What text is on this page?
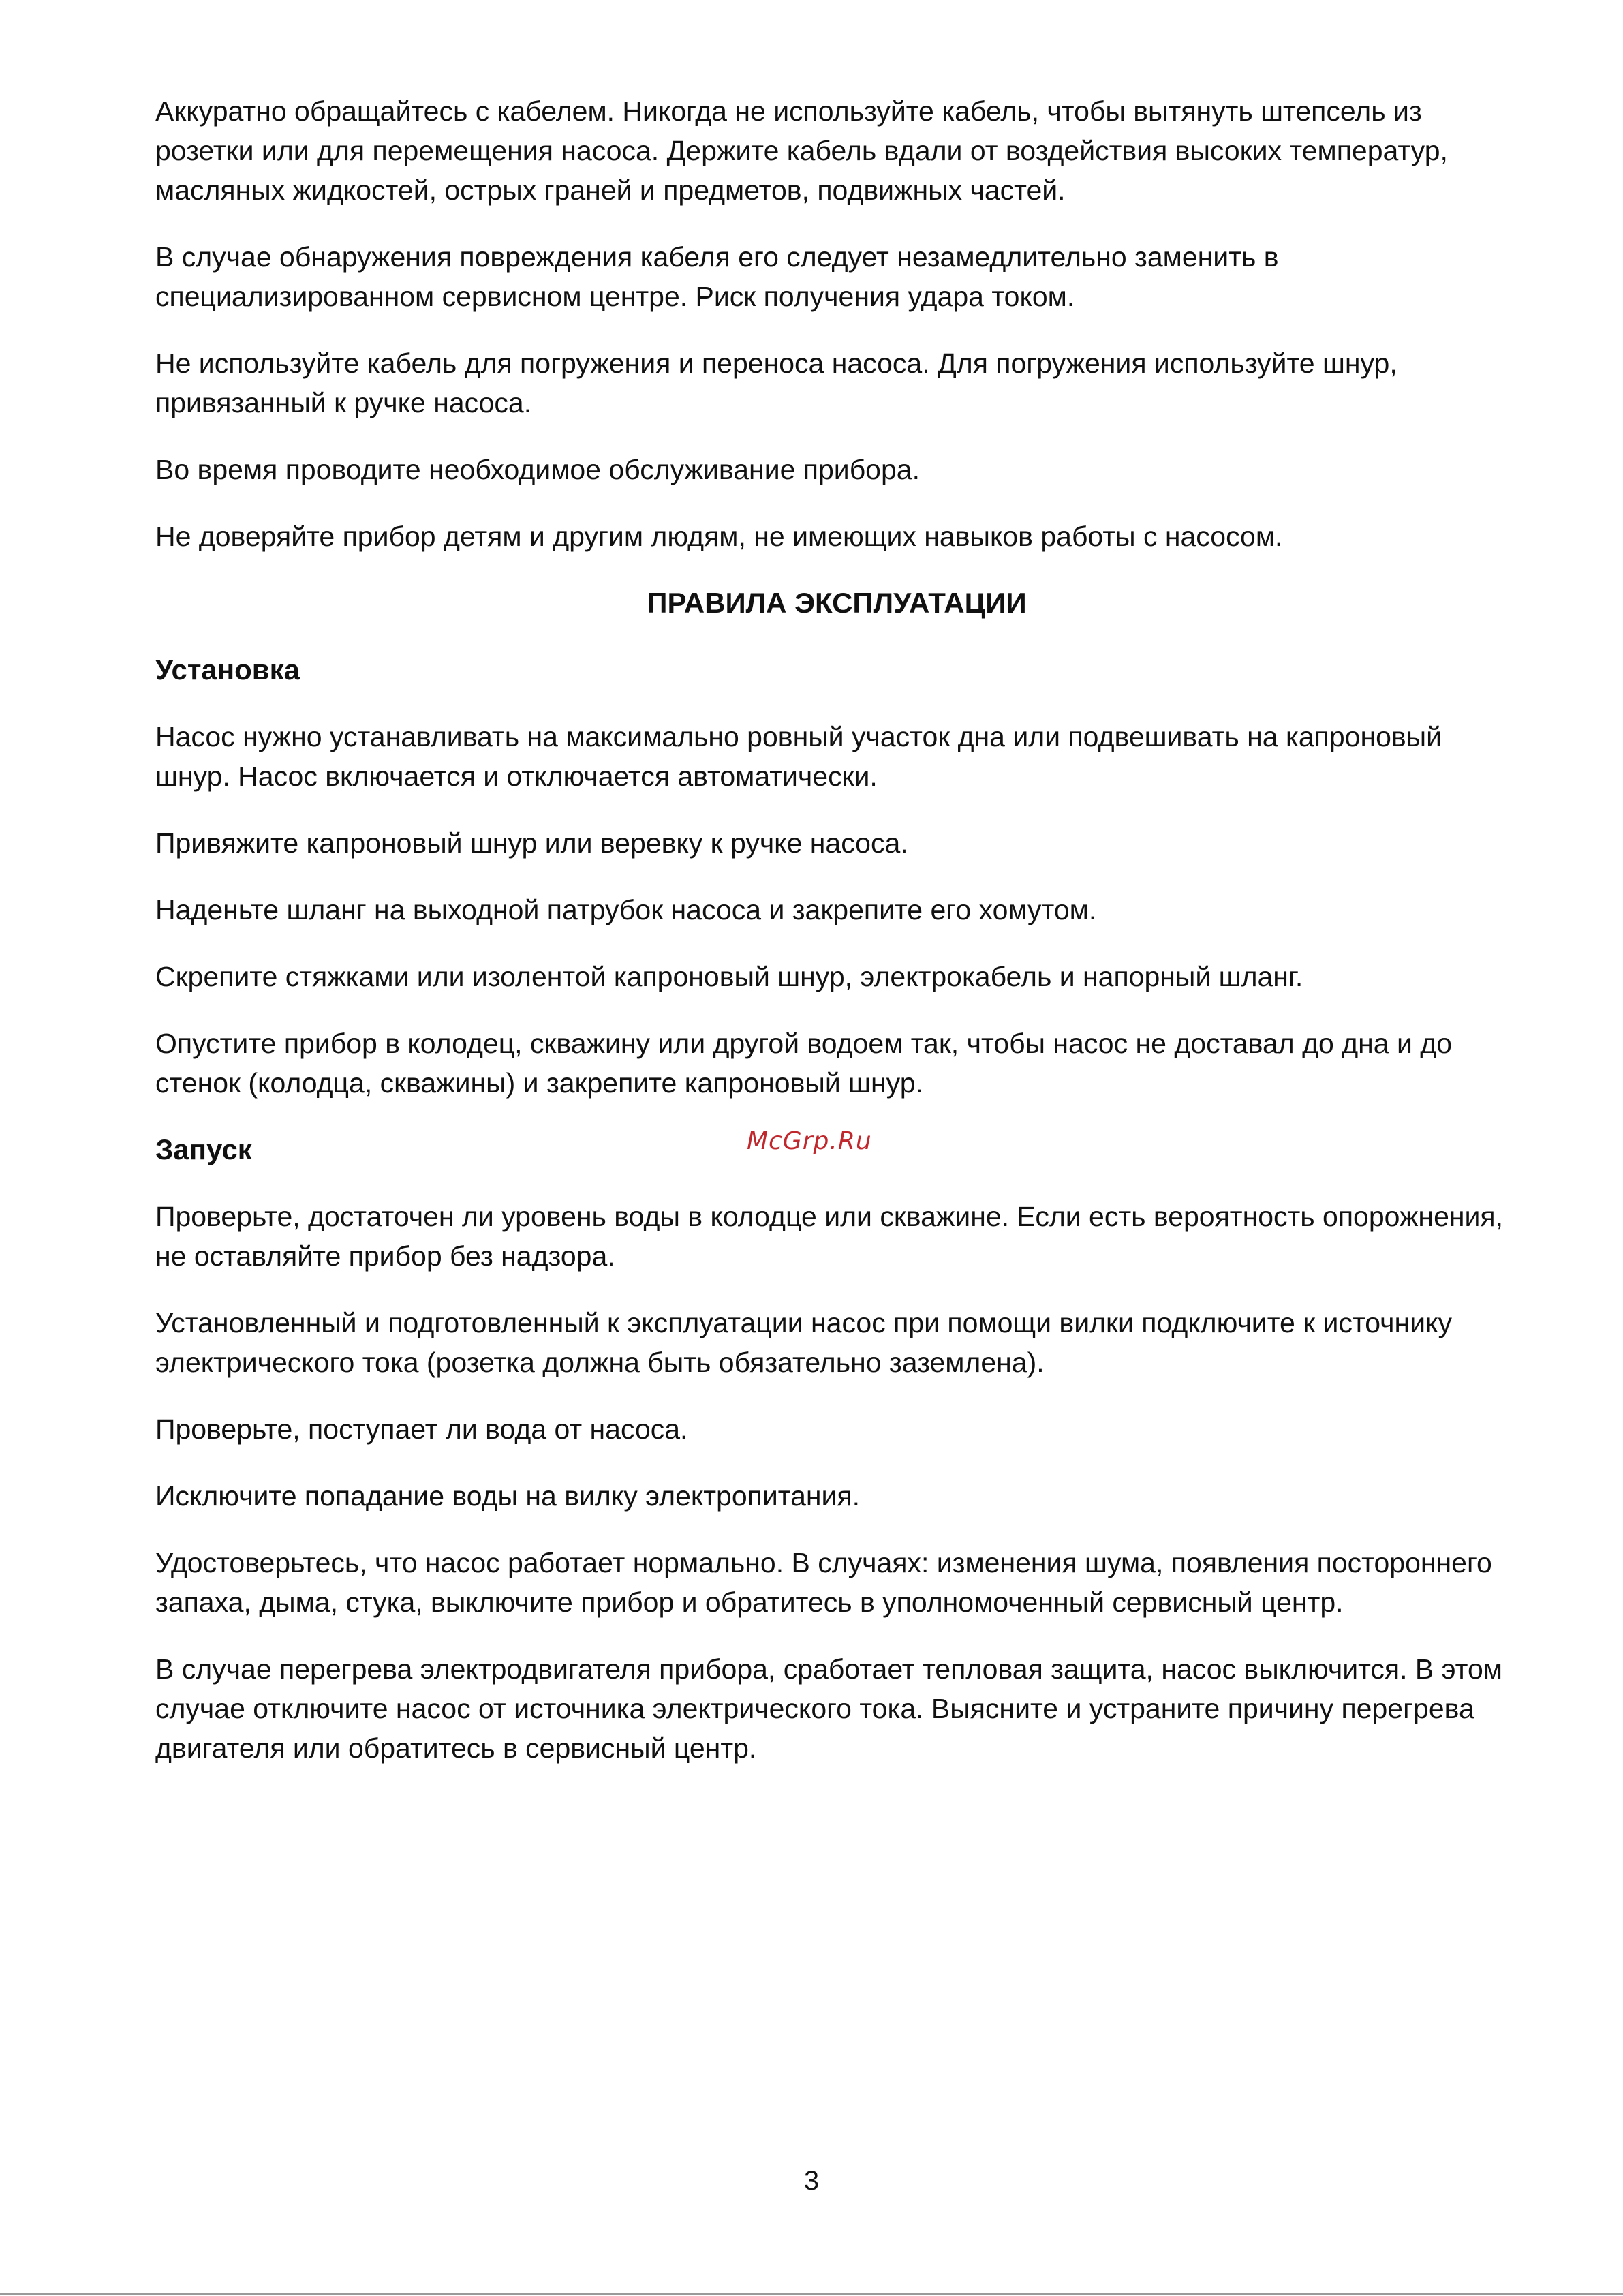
Аккуратно обращайтесь с кабелем. Никогда не используйте кабель, чтобы вытянуть штепсель из розетки или для перемещения насоса. Держите кабель вдали от воздействия высоких температур, масляных жидкостей, острых граней и предметов, подвижных частей.

В случае обнаружения повреждения кабеля его следует незамедлительно заменить в специализированном сервисном центре. Риск получения удара током.

Не используйте кабель для погружения и переноса насоса. Для погружения используйте шнур, привязанный к ручке насоса.

Во время проводите необходимое обслуживание прибора.

Не доверяйте прибор детям и другим людям, не имеющих навыков работы с насосом.

ПРАВИЛА ЭКСПЛУАТАЦИИ
Установка

Насос нужно устанавливать на максимально ровный участок дна или подвешивать на капроновый шнур. Насос включается и отключается автоматически.

Привяжите капроновый шнур или веревку к ручке насоса.

Наденьте шланг на выходной патрубок насоса и закрепите его хомутом.

Скрепите стяжками или изолентой капроновый шнур, электрокабель и напорный шланг.

Опустите прибор в колодец, скважину или другой водоем так, чтобы насос не доставал до дна и до стенок (колодца, скважины) и закрепите капроновый шнур.

Запуск	McGrp.Ru

Проверьте, достаточен ли уровень воды в колодце или скважине. Если есть вероятность опорожнения, не оставляйте прибор без надзора.

Установленный и подготовленный к эксплуатации насос при помощи вилки подключите к источнику электрического тока (розетка должна быть обязательно заземлена).

Проверьте, поступает ли вода от насоса.

Исключите попадание воды на вилку электропитания.

Удостоверьтесь, что насос работает нормально. В случаях: изменения шума, появления постороннего запаха, дыма, стука, выключите прибор и обратитесь в уполномоченный сервисный центр.

В случае перегрева электродвигателя прибора, сработает тепловая защита, насос выключится. В этом случае отключите насос от источника электрического тока. Выясните и устраните причину перегрева двигателя или обратитесь в сервисный центр.

3
